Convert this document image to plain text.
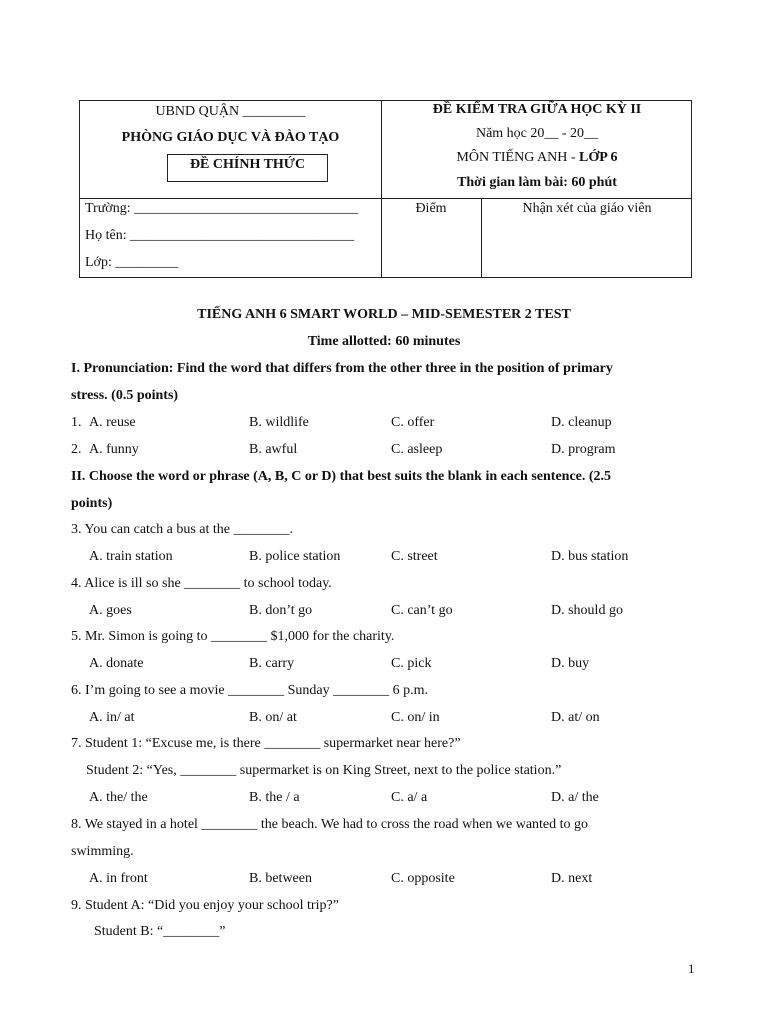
UBND QUẬN _________
PHÒNG GIÁO DỤC VÀ ĐÀO TẠO
ĐỀ CHÍNH THỨC
ĐỀ KIỂM TRA GIỮA HỌC KỲ II
Năm học 20__ - 20__
MÔN TIẾNG ANH - LỚP 6
Thời gian làm bài: 60 phút
Trường: ________________________________
Họ tên: ________________________________
Lớp: _________
Điểm	Nhận xét của giáo viên
TIẾNG ANH 6 SMART WORLD – MID-SEMESTER 2 TEST
Time allotted: 60 minutes
I. Pronunciation: Find the word that differs from the other three in the position of primary
stress. (0.5 points)
1. A. reuse	B. wildlife	C. offer	D. cleanup
2. A. funny	B. awful	C. asleep	D. program
II. Choose the word or phrase (A, B, C or D) that best suits the blank in each sentence. (2.5
points)
3. You can catch a bus at the ________.
A. train station	B. police station	C. street	D. bus station
4. Alice is ill so she ________ to school today.
A. goes	B. don’t go	C. can’t go	D. should go
5. Mr. Simon is going to ________ $1,000 for the charity.
A. donate	B. carry	C. pick	D. buy
6. I’m going to see a movie ________ Sunday ________ 6 p.m.
A. in/ at	B. on/ at	C. on/ in	D. at/ on
7. Student 1: “Excuse me, is there ________ supermarket near here?”
Student 2: “Yes, ________ supermarket is on King Street, next to the police station.”
A. the/ the	B. the / a	C. a/ a	D. a/ the
8. We stayed in a hotel ________ the beach. We had to cross the road when we wanted to go
swimming.
A. in front	B. between	C. opposite	D. next
9. Student A: “Did you enjoy your school trip?”
Student B: “________”
1
